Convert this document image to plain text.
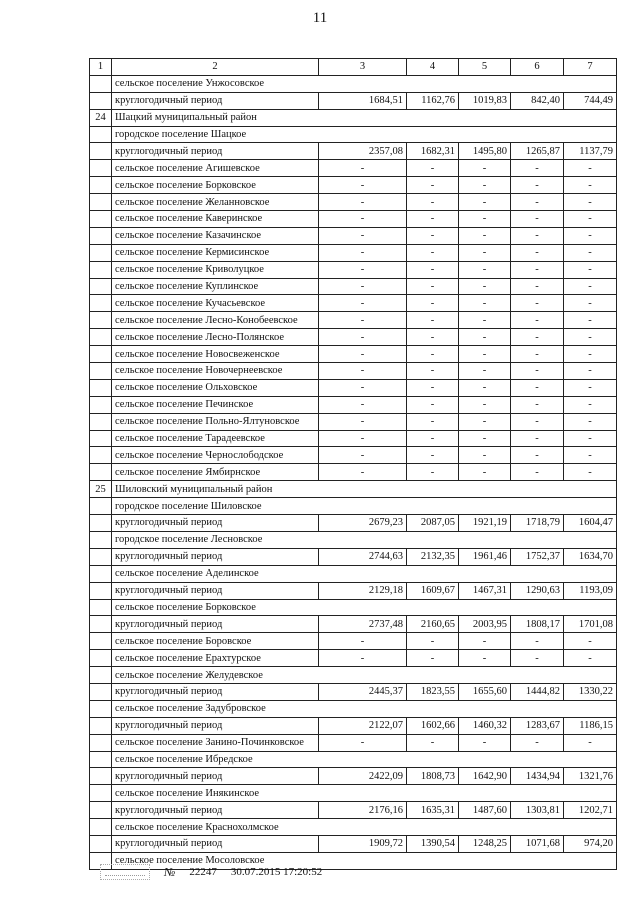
11
1	2	3	4	5	6	7
	сельское поселение Унжосовское					
	круглогодичный период	1684,51	1162,76	1019,83	842,40	744,49
24	Шацкий муниципальный район					
	городское поселение Шацкое					
	круглогодичный период	2357,08	1682,31	1495,80	1265,87	1137,79
	сельское поселение Агишевское	-	-	-	-	-
	сельское поселение Борковское	-	-	-	-	-
	сельское поселение Желанновское	-	-	-	-	-
	сельское поселение Каверинское	-	-	-	-	-
	сельское поселение Казачинское	-	-	-	-	-
	сельское поселение Кермисинское	-	-	-	-	-
	сельское поселение Криволуцкое	-	-	-	-	-
	сельское поселение Куплинское	-	-	-	-	-
	сельское поселение Кучасьевское	-	-	-	-	-
	сельское поселение Лесно-Конобеевское	-	-	-	-	-
	сельское поселение Лесно-Полянское	-	-	-	-	-
	сельское поселение Новосвеженское	-	-	-	-	-
	сельское поселение Новочернеевское	-	-	-	-	-
	сельское поселение Ольховское	-	-	-	-	-
	сельское поселение Печинское	-	-	-	-	-
	сельское поселение Польно-Ялтуновское	-	-	-	-	-
	сельское поселение Тарадеевское	-	-	-	-	-
	сельское поселение Чернослободское	-	-	-	-	-
	сельское поселение Ямбирнское	-	-	-	-	-
25	Шиловский муниципальный район					
	городское поселение Шиловское					
	круглогодичный период	2679,23	2087,05	1921,19	1718,79	1604,47
	городское поселение Лесновское					
	круглогодичный период	2744,63	2132,35	1961,46	1752,37	1634,70
	сельское поселение Аделинское					
	круглогодичный период	2129,18	1609,67	1467,31	1290,63	1193,09
	сельское поселение Борковское					
	круглогодичный период	2737,48	2160,65	2003,95	1808,17	1701,08
	сельское поселение Боровское	-	-	-	-	-
	сельское поселение Ерахтурское	-	-	-	-	-
	сельское поселение Желудевское					
	круглогодичный период	2445,37	1823,55	1655,60	1444,82	1330,22
	сельское поселение Задубровское					
	круглогодичный период	2122,07	1602,66	1460,32	1283,67	1186,15
	сельское поселение Занино-Починковское	-	-	-	-	-
	сельское поселение Ибредское					
	круглогодичный период	2422,09	1808,73	1642,90	1434,94	1321,76
	сельское поселение Инякинское					
	круглогодичный период	2176,16	1635,31	1487,60	1303,81	1202,71
	сельское поселение Краснохолмское					
	круглогодичный период	1909,72	1390,54	1248,25	1071,68	974,20
	сельское поселение Мосоловское					
№ 22247 30.07.2015 17:20:52
